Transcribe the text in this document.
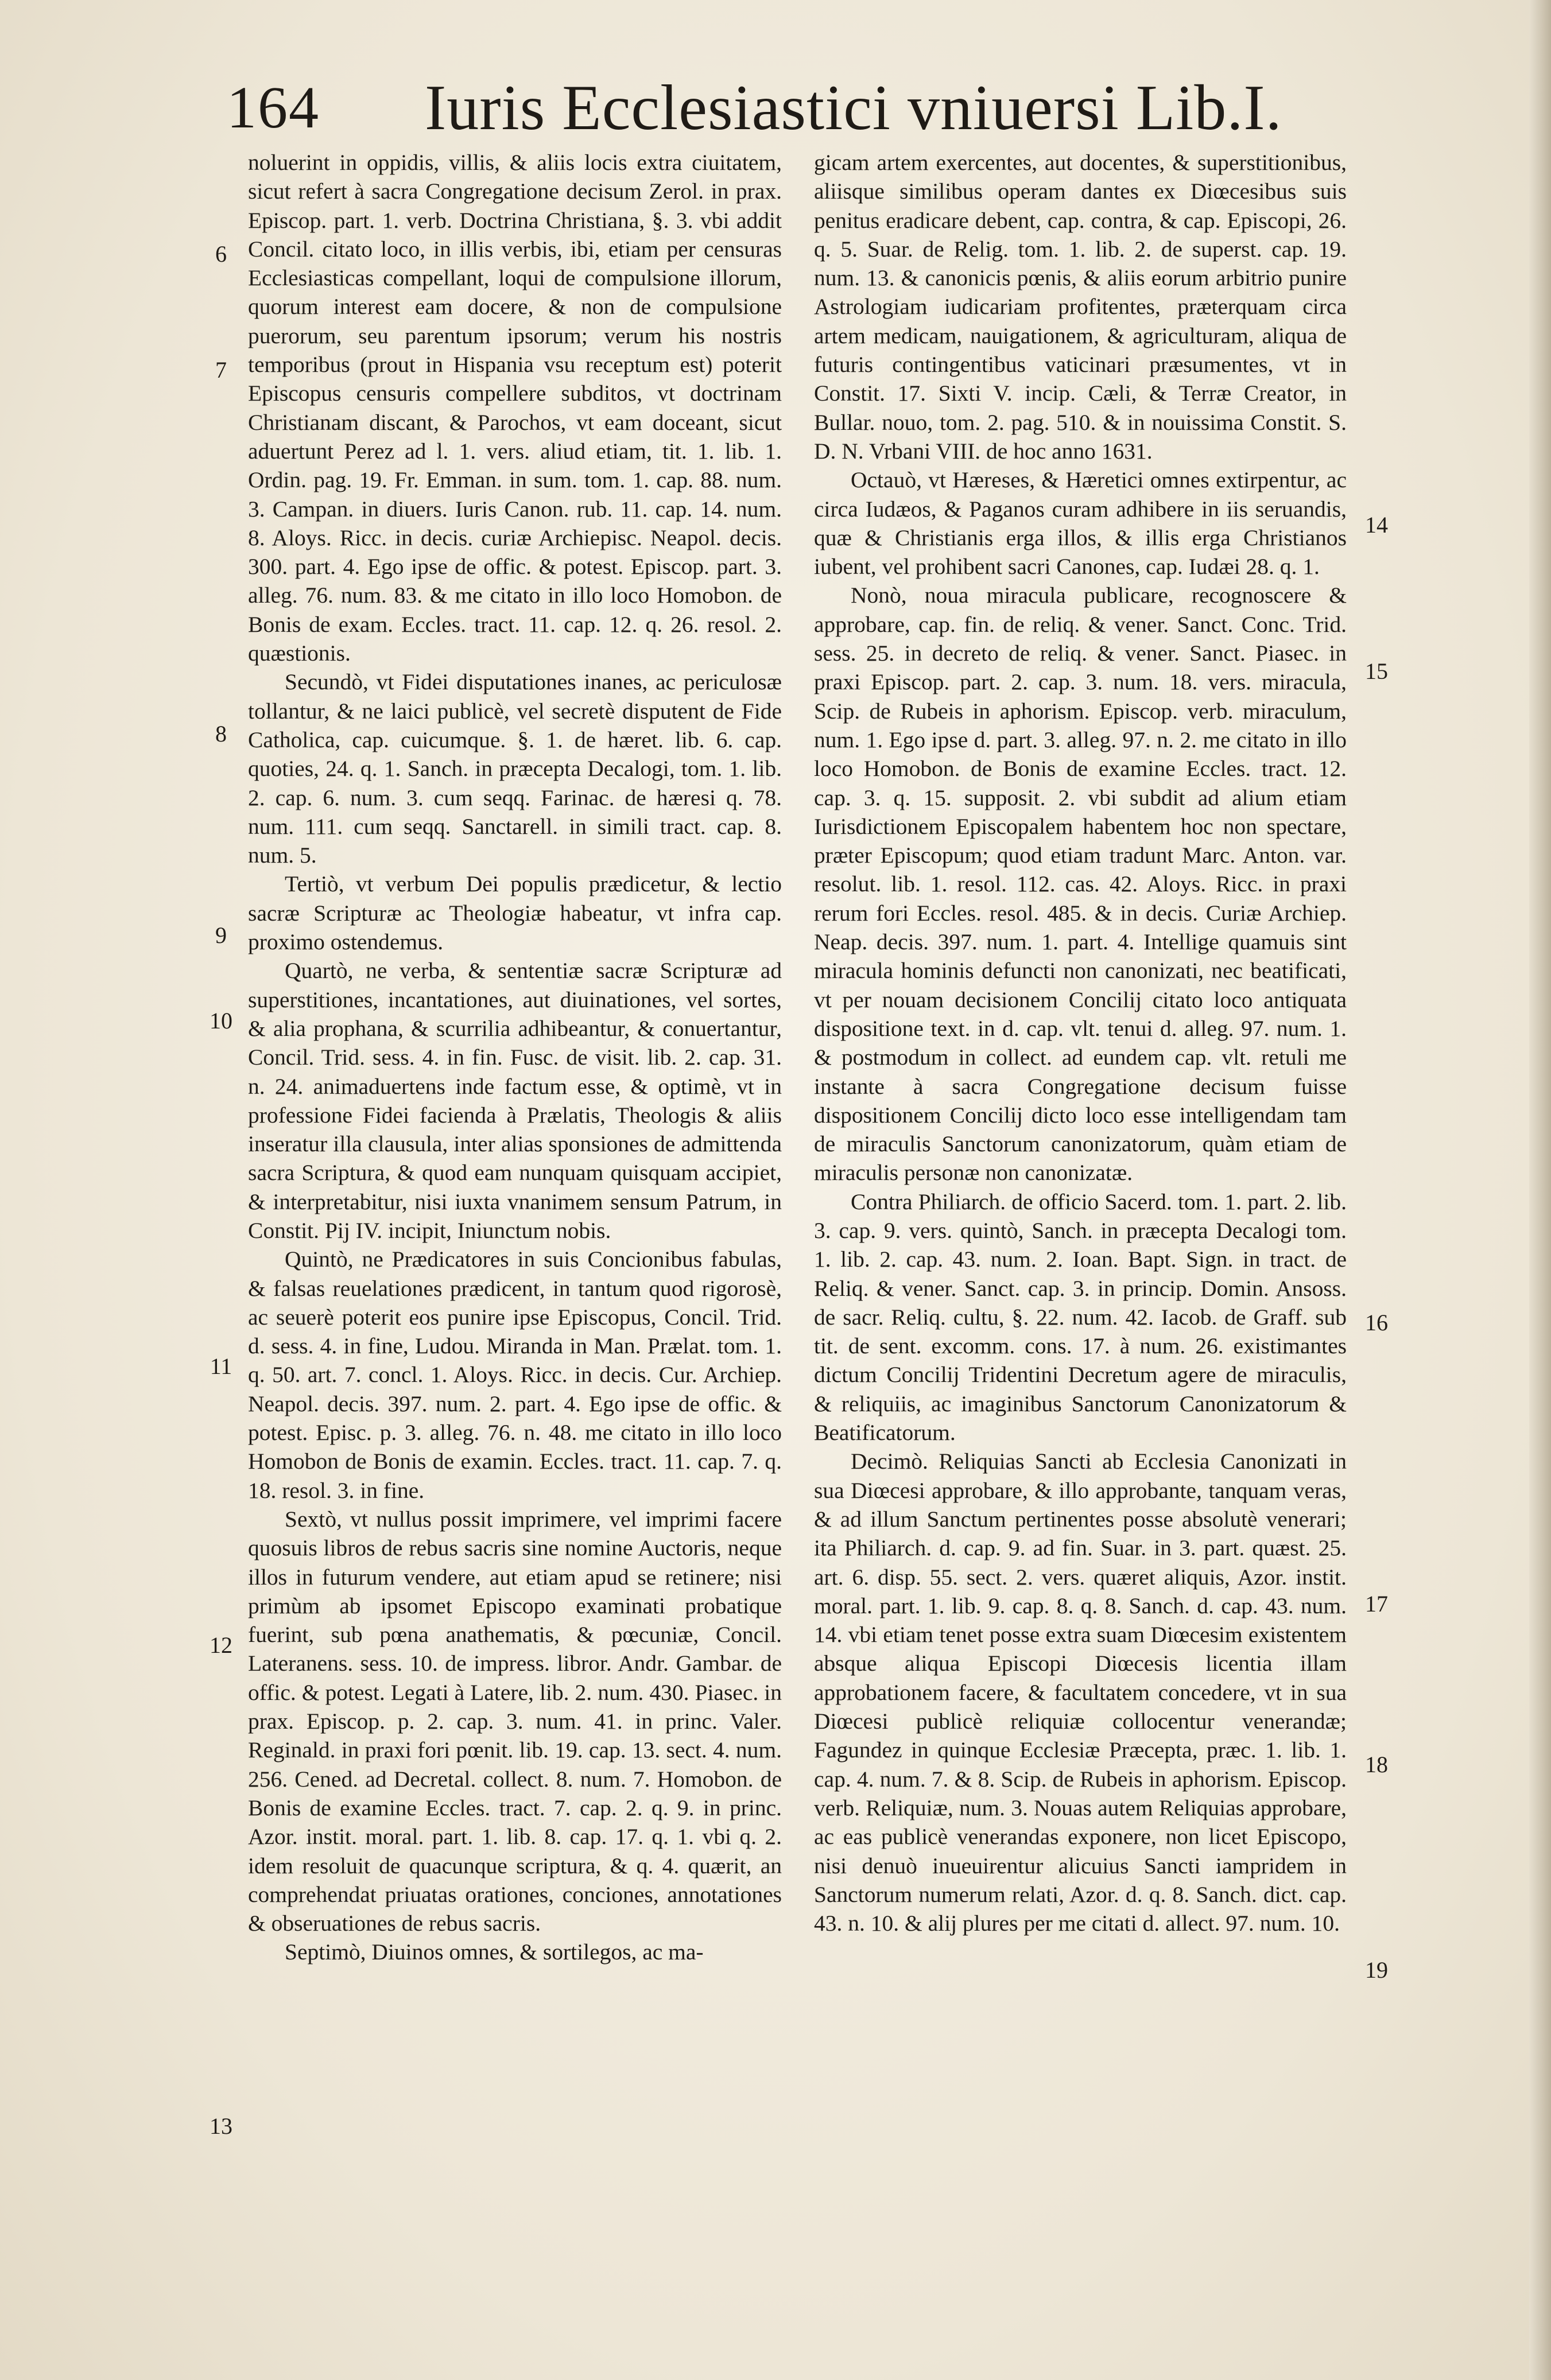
164 Iuris Ecclesiastici vniuersi Lib.I.

noluerint in oppidis, villis, & aliis locis extra ciuitatem, sicut refert à sacra Congregatione decisum Zerol. in prax. Episcop. part. 1. verb. Doctrina Christiana, §. 3. vbi addit Concil. citato loco, in illis verbis, ibi, etiam per censuras Ecclesiasticas compellant, loqui de compulsione illorum, quorum interest eam docere, & non de compulsione puerorum, seu parentum ipsorum; verum his nostris temporibus (prout in Hispania vsu receptum est) poterit Episcopus censuris compellere subditos, vt doctrinam Christianam discant, & Parochos, vt eam doceant, sicut aduertunt Perez ad l. 1. vers. aliud etiam, tit. 1. lib. 1. Ordin. pag. 19. Fr. Emman. in sum. tom. 1. cap. 88. num. 3. Campan. in diuers. Iuris Canon. rub. 11. cap. 14. num. 8. Aloys. Ricc. in decis. curiæ Archiepisc. Neapol. decis. 300. part. 4. Ego ipse de offic. & potest. Episcop. part. 3. alleg. 76. num. 83. & me citato in illo loco Homobon. de Bonis de exam. Eccles. tract. 11. cap. 12. q. 26. resol. 2. quæstionis.

Secundò, vt Fidei disputationes inanes, ac periculosæ tollantur, & ne laici publicè, vel secretè disputent de Fide Catholica, cap. cuicumque. §. 1. de hæret. lib. 6. cap. quoties, 24. q. 1. Sanch. in præcepta Decalogi, tom. 1. lib. 2. cap. 6. num. 3. cum seqq. Farinac. de hæresi q. 78. num. 111. cum seqq. Sanctarell. in simili tract. cap. 8. num. 5.

Tertiò, vt verbum Dei populis prædicetur, & lectio sacræ Scripturæ ac Theologiæ habeatur, vt infra cap. proximo ostendemus.

Quartò, ne verba, & sententiæ sacræ Scripturæ ad superstitiones, incantationes, aut diuinationes, vel sortes, & alia prophana, & scurrilia adhibeantur, & conuertantur, Concil. Trid. sess. 4. in fin. Fusc. de visit. lib. 2. cap. 31. n. 24. animaduertens inde factum esse, & optimè, vt in professione Fidei facienda à Prælatis, Theologis & aliis inseratur illa clausula, inter alias sponsiones de admittenda sacra Scriptura, & quod eam nunquam quisquam accipiet, & interpretabitur, nisi iuxta vnanimem sensum Patrum, in Constit. Pij IV. incipit, Iniunctum nobis.

Quintò, ne Prædicatores in suis Concionibus fabulas, & falsas reuelationes prædicent, in tantum quod rigorosè, ac seuerè poterit eos punire ipse Episcopus, Concil. Trid. d. sess. 4. in fine, Ludou. Miranda in Man. Prælat. tom. 1. q. 50. art. 7. concl. 1. Aloys. Ricc. in decis. Cur. Archiep. Neapol. decis. 397. num. 2. part. 4. Ego ipse de offic. & potest. Episc. p. 3. alleg. 76. n. 48. me citato in illo loco Homobon de Bonis de examin. Eccles. tract. 11. cap. 7. q. 18. resol. 3. in fine.

Sextò, vt nullus possit imprimere, vel imprimi facere quosuis libros de rebus sacris sine nomine Auctoris, neque illos in futurum vendere, aut etiam apud se retinere; nisi primùm ab ipsomet Episcopo examinati probatique fuerint, sub pœna anathematis, & pœcuniæ, Concil. Lateranens. sess. 10. de impress. libror. Andr. Gambar. de offic. & potest. Legati à Latere, lib. 2. num. 430. Piasec. in prax. Episcop. p. 2. cap. 3. num. 41. in princ. Valer. Reginald. in praxi fori pœnit. lib. 19. cap. 13. sect. 4. num. 256. Cened. ad Decretal. collect. 8. num. 7. Homobon. de Bonis de examine Eccles. tract. 7. cap. 2. q. 9. in princ. Azor. instit. moral. part. 1. lib. 8. cap. 17. q. 1. vbi q. 2. idem resoluit de quacunque scriptura, & q. 4. quærit, an comprehendat priuatas orationes, conciones, annotationes & obseruationes de rebus sacris.

Septimò, Diuinos omnes, & sortilegos, ac ma-

gicam artem exercentes, aut docentes, & superstitionibus, aliisque similibus operam dantes ex Diœcesibus suis penitus eradicare debent, cap. contra, & cap. Episcopi, 26. q. 5. Suar. de Relig. tom. 1. lib. 2. de superst. cap. 19. num. 13. & canonicis pœnis, & aliis eorum arbitrio punire Astrologiam iudicariam profitentes, præterquam circa artem medicam, nauigationem, & agriculturam, aliqua de futuris contingentibus vaticinari præsumentes, vt in Constit. 17. Sixti V. incip. Cæli, & Terræ Creator, in Bullar. nouo, tom. 2. pag. 510. & in nouissima Constit. S. D. N. Vrbani VIII. de hoc anno 1631.

Octauò, vt Hæreses, & Hæretici omnes extirpentur, ac circa Iudæos, & Paganos curam adhibere in iis seruandis, quæ & Christianis erga illos, & illis erga Christianos iubent, vel prohibent sacri Canones, cap. Iudæi 28. q. 1.

Nonò, noua miracula publicare, recognoscere & approbare, cap. fin. de reliq. & vener. Sanct. Conc. Trid. sess. 25. in decreto de reliq. & vener. Sanct. Piasec. in praxi Episcop. part. 2. cap. 3. num. 18. vers. miracula, Scip. de Rubeis in aphorism. Episcop. verb. miraculum, num. 1. Ego ipse d. part. 3. alleg. 97. n. 2. me citato in illo loco Homobon. de Bonis de examine Eccles. tract. 12. cap. 3. q. 15. supposit. 2. vbi subdit ad alium etiam Iurisdictionem Episcopalem habentem hoc non spectare, præter Episcopum; quod etiam tradunt Marc. Anton. var. resolut. lib. 1. resol. 112. cas. 42. Aloys. Ricc. in praxi rerum fori Eccles. resol. 485. & in decis. Curiæ Archiep. Neap. decis. 397. num. 1. part. 4. Intellige quamuis sint miracula hominis defuncti non canonizati, nec beatificati, vt per nouam decisionem Concilij citato loco antiquata dispositione text. in d. cap. vlt. tenui d. alleg. 97. num. 1. & postmodum in collect. ad eundem cap. vlt. retuli me instante à sacra Congregatione decisum fuisse dispositionem Concilij dicto loco esse intelligendam tam de miraculis Sanctorum canonizatorum, quàm etiam de miraculis personæ non canonizatæ.

Contra Philiarch. de officio Sacerd. tom. 1. part. 2. lib. 3. cap. 9. vers. quintò, Sanch. in præcepta Decalogi tom. 1. lib. 2. cap. 43. num. 2. Ioan. Bapt. Sign. in tract. de Reliq. & vener. Sanct. cap. 3. in princip. Domin. Ansoss. de sacr. Reliq. cultu, §. 22. num. 42. Iacob. de Graff. sub tit. de sent. excomm. cons. 17. à num. 26. existimantes dictum Concilij Tridentini Decretum agere de miraculis, & reliquiis, ac imaginibus Sanctorum Canonizatorum & Beatificatorum.

Decimò. Reliquias Sancti ab Ecclesia Canonizati in sua Diœcesi approbare, & illo approbante, tanquam veras, & ad illum Sanctum pertinentes posse absolutè venerari; ita Philiarch. d. cap. 9. ad fin. Suar. in 3. part. quæst. 25. art. 6. disp. 55. sect. 2. vers. quæret aliquis, Azor. instit. moral. part. 1. lib. 9. cap. 8. q. 8. Sanch. d. cap. 43. num. 14. vbi etiam tenet posse extra suam Diœcesim existentem absque aliqua Episcopi Diœcesis licentia illam approbationem facere, & facultatem concedere, vt in sua Diœcesi publicè reliquiæ collocentur venerandæ; Fagundez in quinque Ecclesiæ Præcepta, præc. 1. lib. 1. cap. 4. num. 7. & 8. Scip. de Rubeis in aphorism. Episcop. verb. Reliquiæ, num. 3. Nouas autem Reliquias approbare, ac eas publicè venerandas exponere, non licet Episcopo, nisi denuò inueuirentur alicuius Sancti iampridem in Sanctorum numerum relati, Azor. d. q. 8. Sanch. dict. cap. 43. n. 10. & alij plures per me citati d. allect. 97. num. 10.

6
7
8
9
10
11
12
13
14
15
16
17
18
19
